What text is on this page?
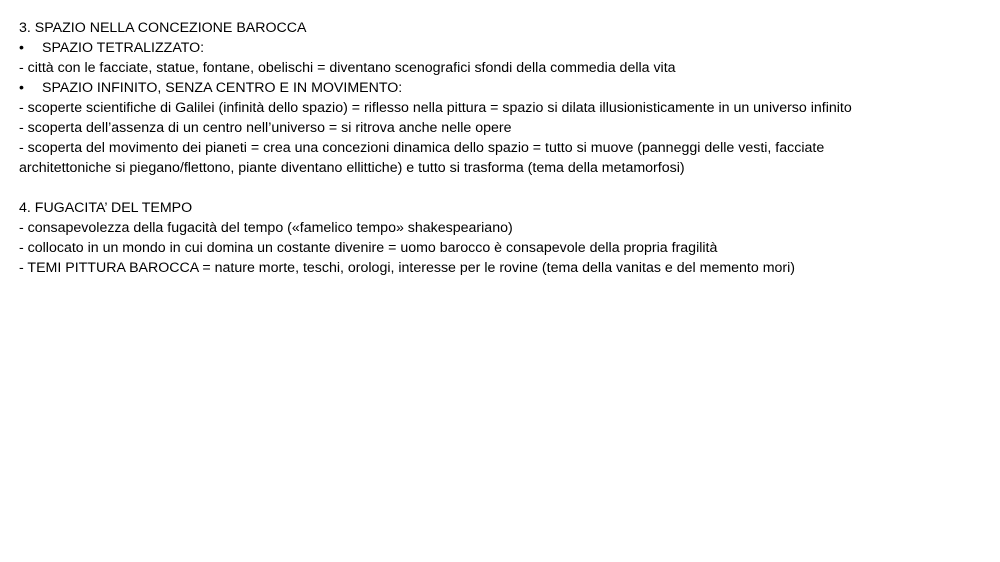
3. SPAZIO NELLA CONCEZIONE BAROCCA
•	SPAZIO TETRALIZZATO:
- città con le facciate, statue, fontane, obelischi = diventano scenografici sfondi della commedia della vita
•	SPAZIO INFINITO, SENZA CENTRO E IN MOVIMENTO:
- scoperte scientifiche di Galilei (infinità dello spazio) = riflesso nella pittura = spazio si dilata illusionisticamente in un universo infinito
- scoperta dell’assenza di un centro nell’universo = si ritrova anche nelle opere
- scoperta del movimento dei pianeti = crea una concezioni dinamica dello spazio = tutto si muove (panneggi delle vesti, facciate architettoniche si piegano/flettono, piante diventano ellittiche) e tutto si trasforma (tema della metamorfosi)
4. FUGACITA’ DEL TEMPO
- consapevolezza della fugacità del tempo («famelico tempo» shakespeariano)
- collocato in un mondo in cui domina un costante divenire = uomo barocco è consapevole della propria fragilità
- TEMI PITTURA BAROCCA = nature morte, teschi, orologi, interesse per le rovine (tema della vanitas e del memento mori)
